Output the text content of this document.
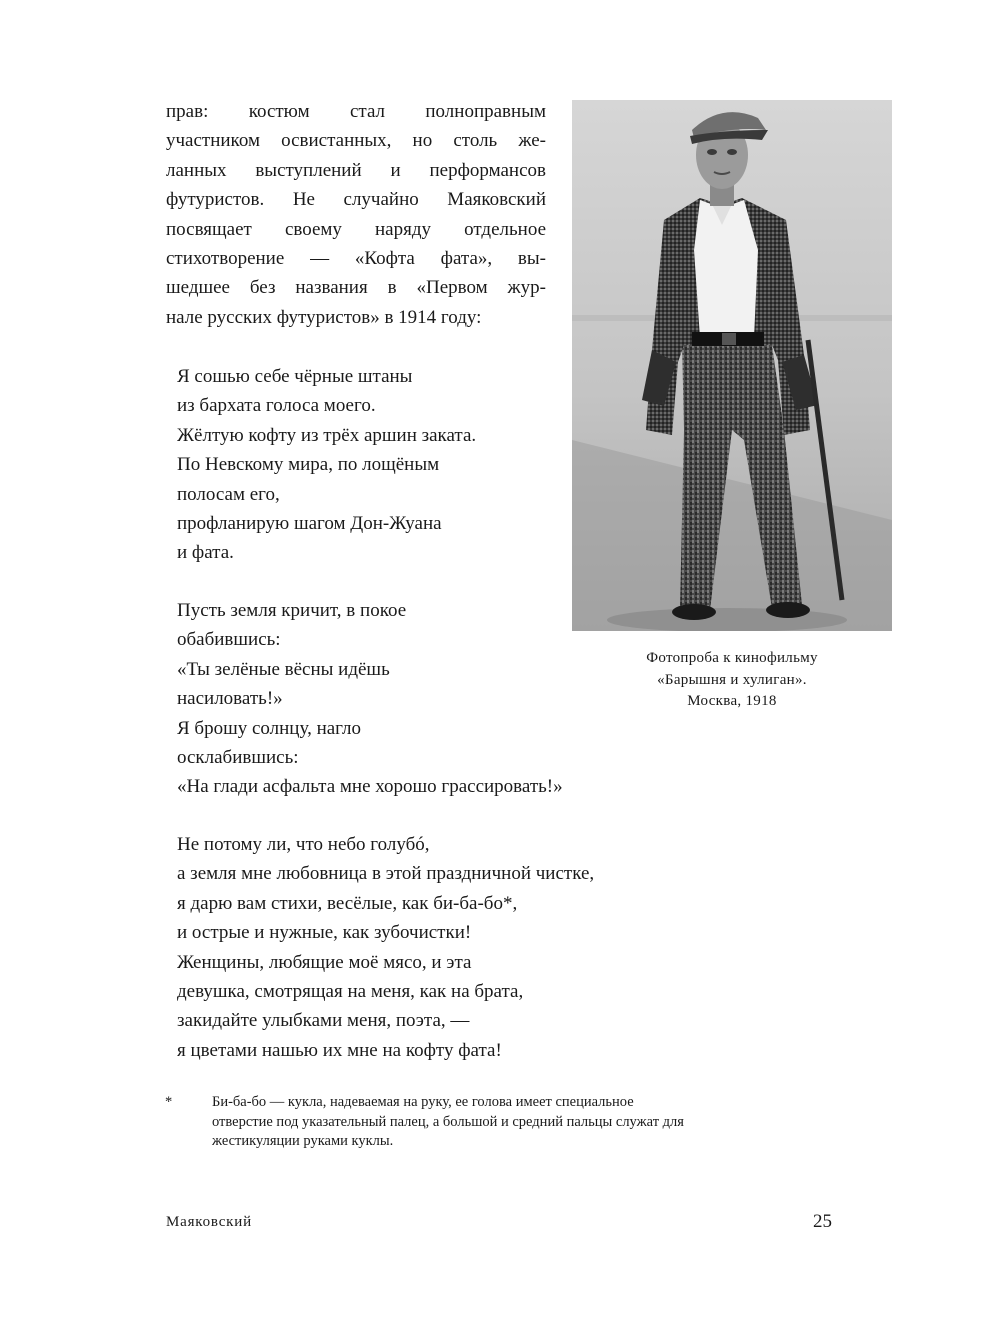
прав: костюм стал полноправным
участником освистанных, но столь же-
ланных выступлений и перформансов
футуристов. Не случайно Маяковский
посвящает своему наряду отдельное
стихотворение — «Кофта фата», вы-
шедшее без названия в «Первом жур-
нале русских футуристов» в 1914 году:
Я сошью себе чёрные штаны
из бархата голоса моего.
Жёлтую кофту из трёх аршин заката.
По Невскому мира, по лощёным
полосам его,
профланирую шагом Дон-Жуана
и фата.
Пусть земля кричит, в покое
обабившись:
«Ты зелёные вёсны идёшь
насиловать!»
Я брошу солнцу, нагло
осклабившись:
«На глади асфальта мне хорошо грассировать!»
Не потому ли, что небо голубó,
а земля мне любовница в этой праздничной чистке,
я дарю вам стихи, весёлые, как би-ба-бо*,
и острые и нужные, как зубочистки!
Женщины, любящие моё мясо, и эта
девушка, смотрящая на меня, как на брата,
закидайте улыбками меня, поэта, —
я цветами нашью их мне на кофту фата!
Фотопроба к кинофильму
«Барышня и хулиган».
Москва, 1918
*	Би-ба-бо — кукла, надеваемая на руку, ее голова имеет специальное
отверстие под указательный палец, а большой и средний пальцы служат для
жестикуляции руками куклы.
Маяковский	25
